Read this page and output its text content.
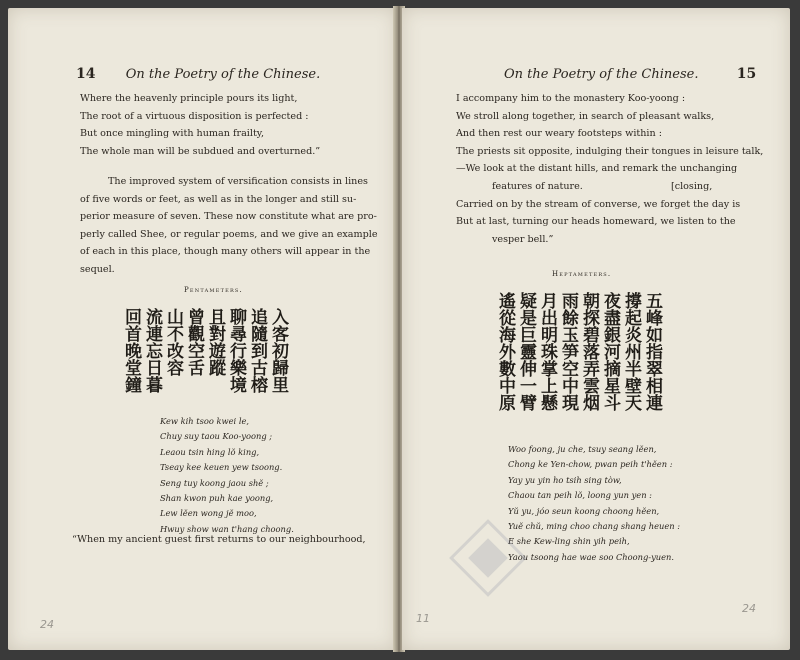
14 On the Poetry of the Chinese.
Where the heavenly principle pours its light,
The root of a virtuous disposition is perfected :
But once mingling with human frailty,
The whole man will be subdued and overturned.”
The improved system of versification consists in lines
of five words or feet, as well as in the longer and still su-
perior measure of seven. These now constitute what are pro-
perly called Shee, or regular poems, and we give an example
of each in this place, though many others will appear in the
sequel.
Pentameters.
入客初歸里
追隨到古榕
聊尋行樂境
且對遊蹤
曾觀空舌
山不改容
流連忘日暮
回首晚堂鐘
Kew kih tsoo kwei le,
Chuy suy taou Koo-yoong ;
Leaou tsin hing lŏ king,
Tseay kee keuen yew tsoong.
Seng tuy koong jaou shĕ ;
Shan kwon puh kae yoong,
Lew lĕen wong jĕ moo,
Hwuy show wan t'hang choong.
“When my ancient guest first returns to our neighbourhood,
24
On the Poetry of the Chinese.	15
I accompany him to the monastery Koo-yoong :
We stroll along together, in search of pleasant walks,
And then rest our weary footsteps within :
The priests sit opposite, indulging their tongues in leisure talk,
—We look at the distant hills, and remark the unchanging
features of nature.	[closing,
Carried on by the stream of converse, we forget the day is
But at last, turning our heads homeward, we listen to the
vesper bell.”
Heptameters.
五峰如指翠相連
撐起炎州半壁天
夜盡銀河摘星斗
朝探碧落弄雲烟
雨餘玉笋空中現
月出明珠掌上懸
疑是巨靈伸一臂
遙從海外數中原
Woo foong, ju che, tsuy seang lĕen,
Chong ke Yen-chow, pwan peih t'hĕen :
Yay yu yin ho tsih sing tòw,
Chaou tan peih lŏ, loong yun yen :
Yŭ yu, jóo seun koong choong hĕen,
Yuĕ chŭ, ming choo chang shang heuen :
E she Kew-ling shin yih peih,
Yaou tsoong hae wae soo Choong-yuen.
11
24
